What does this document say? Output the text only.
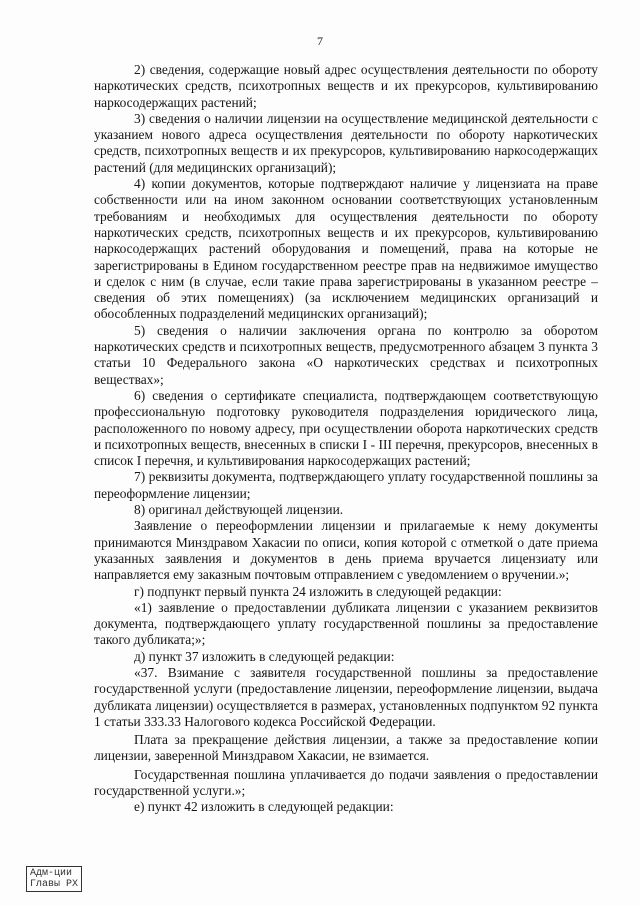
7

2) сведения, содержащие новый адрес осуществления деятельности по обороту наркотических средств, психотропных веществ и их прекурсоров, культивированию наркосодержащих растений;

3) сведения о наличии лицензии на осуществление медицинской деятельности с указанием нового адреса осуществления деятельности по обороту наркотических средств, психотропных веществ и их прекурсоров, культивированию наркосодержащих растений (для медицинских организаций);

4) копии документов, которые подтверждают наличие у лицензиата на праве собственности или на ином законном основании соответствующих установленным требованиям и необходимых для осуществления деятельности по обороту наркотических средств, психотропных веществ и их прекурсоров, культивированию наркосодержащих растений оборудования и помещений, права на которые не зарегистрированы в Едином государственном реестре прав на недвижимое имущество и сделок с ним (в случае, если такие права зарегистрированы в указанном реестре – сведения об этих помещениях) (за исключением медицинских организаций и обособленных подразделений медицинских организаций);

5) сведения о наличии заключения органа по контролю за оборотом наркотических средств и психотропных веществ, предусмотренного абзацем 3 пункта 3 статьи 10 Федерального закона «О наркотических средствах и психотропных веществах»;

6) сведения о сертификате специалиста, подтверждающем соответствующую профессиональную подготовку руководителя подразделения юридического лица, расположенного по новому адресу, при осуществлении оборота наркотических средств и психотропных веществ, внесенных в списки I - III перечня, прекурсоров, внесенных в список I перечня, и культивирования наркосодержащих растений;

7) реквизиты документа, подтверждающего уплату государственной пошлины за переоформление лицензии;

8) оригинал действующей лицензии.

Заявление о переоформлении лицензии и прилагаемые к нему документы принимаются Минздравом Хакасии по описи, копия которой с отметкой о дате приема указанных заявления и документов в день приема вручается лицензиату или направляется ему заказным почтовым отправлением с уведомлением о вручении.»;

г) подпункт первый пункта 24 изложить в следующей редакции:

«1) заявление о предоставлении дубликата лицензии с указанием реквизитов документа, подтверждающего уплату государственной пошлины за предоставление такого дубликата;»;

д) пункт 37 изложить в следующей редакции:

«37. Взимание с заявителя государственной пошлины за предоставление государственной услуги (предоставление лицензии, переоформление лицензии, выдача дубликата лицензии) осуществляется в размерах, установленных подпунктом 92 пункта 1 статьи 333.33 Налогового кодекса Российской Федерации.

Плата за прекращение действия лицензии, а также за предоставление копии лицензии, заверенной Минздравом Хакасии, не взимается.

Государственная пошлина уплачивается до подачи заявления о предоставлении государственной услуги.»;

е) пункт 42 изложить в следующей редакции:

Адм-ции
Главы РХ
